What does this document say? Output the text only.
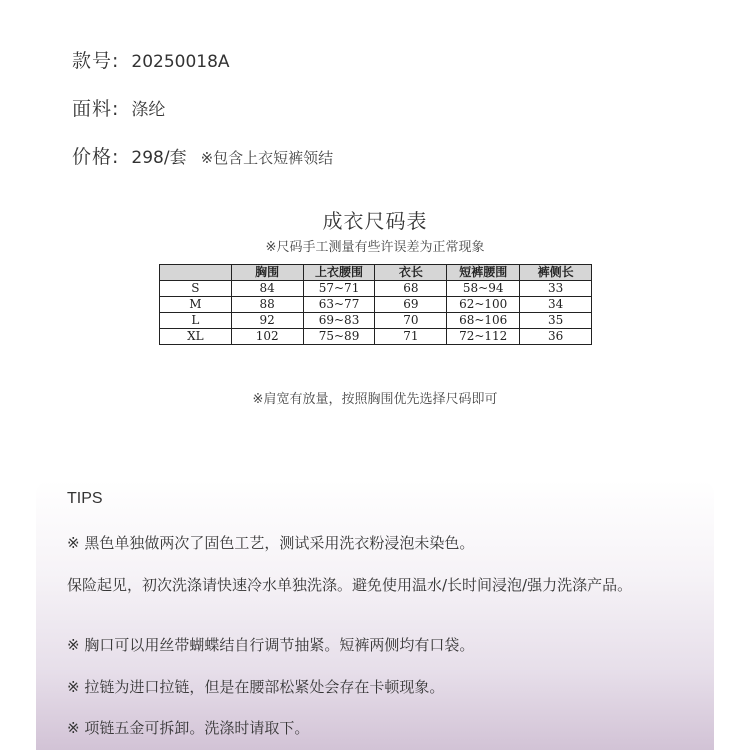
款号: 20250018A
面料: 涤纶
价格: 298/套 ※包含上衣短裤领结
成衣尺码表
※尺码手工测量有些许误差为正常现象
	胸围	上衣腰围	衣长	短裤腰围	裤侧长
S	84	57~71	68	58~94	33
M	88	63~77	69	62~100	34
L	92	69~83	70	68~106	35
XL	102	75~89	71	72~112	36
※肩宽有放量，按照胸围优先选择尺码即可
TIPS
※ 黑色单独做两次了固色工艺，测试采用洗衣粉浸泡未染色。
保险起见，初次洗涤请快速冷水单独洗涤。避免使用温水/长时间浸泡/强力洗涤产品。
※ 胸口可以用丝带蝴蝶结自行调节抽紧。短裤两侧均有口袋。
※ 拉链为进口拉链，但是在腰部松紧处会存在卡顿现象。
※ 项链五金可拆卸。洗涤时请取下。
